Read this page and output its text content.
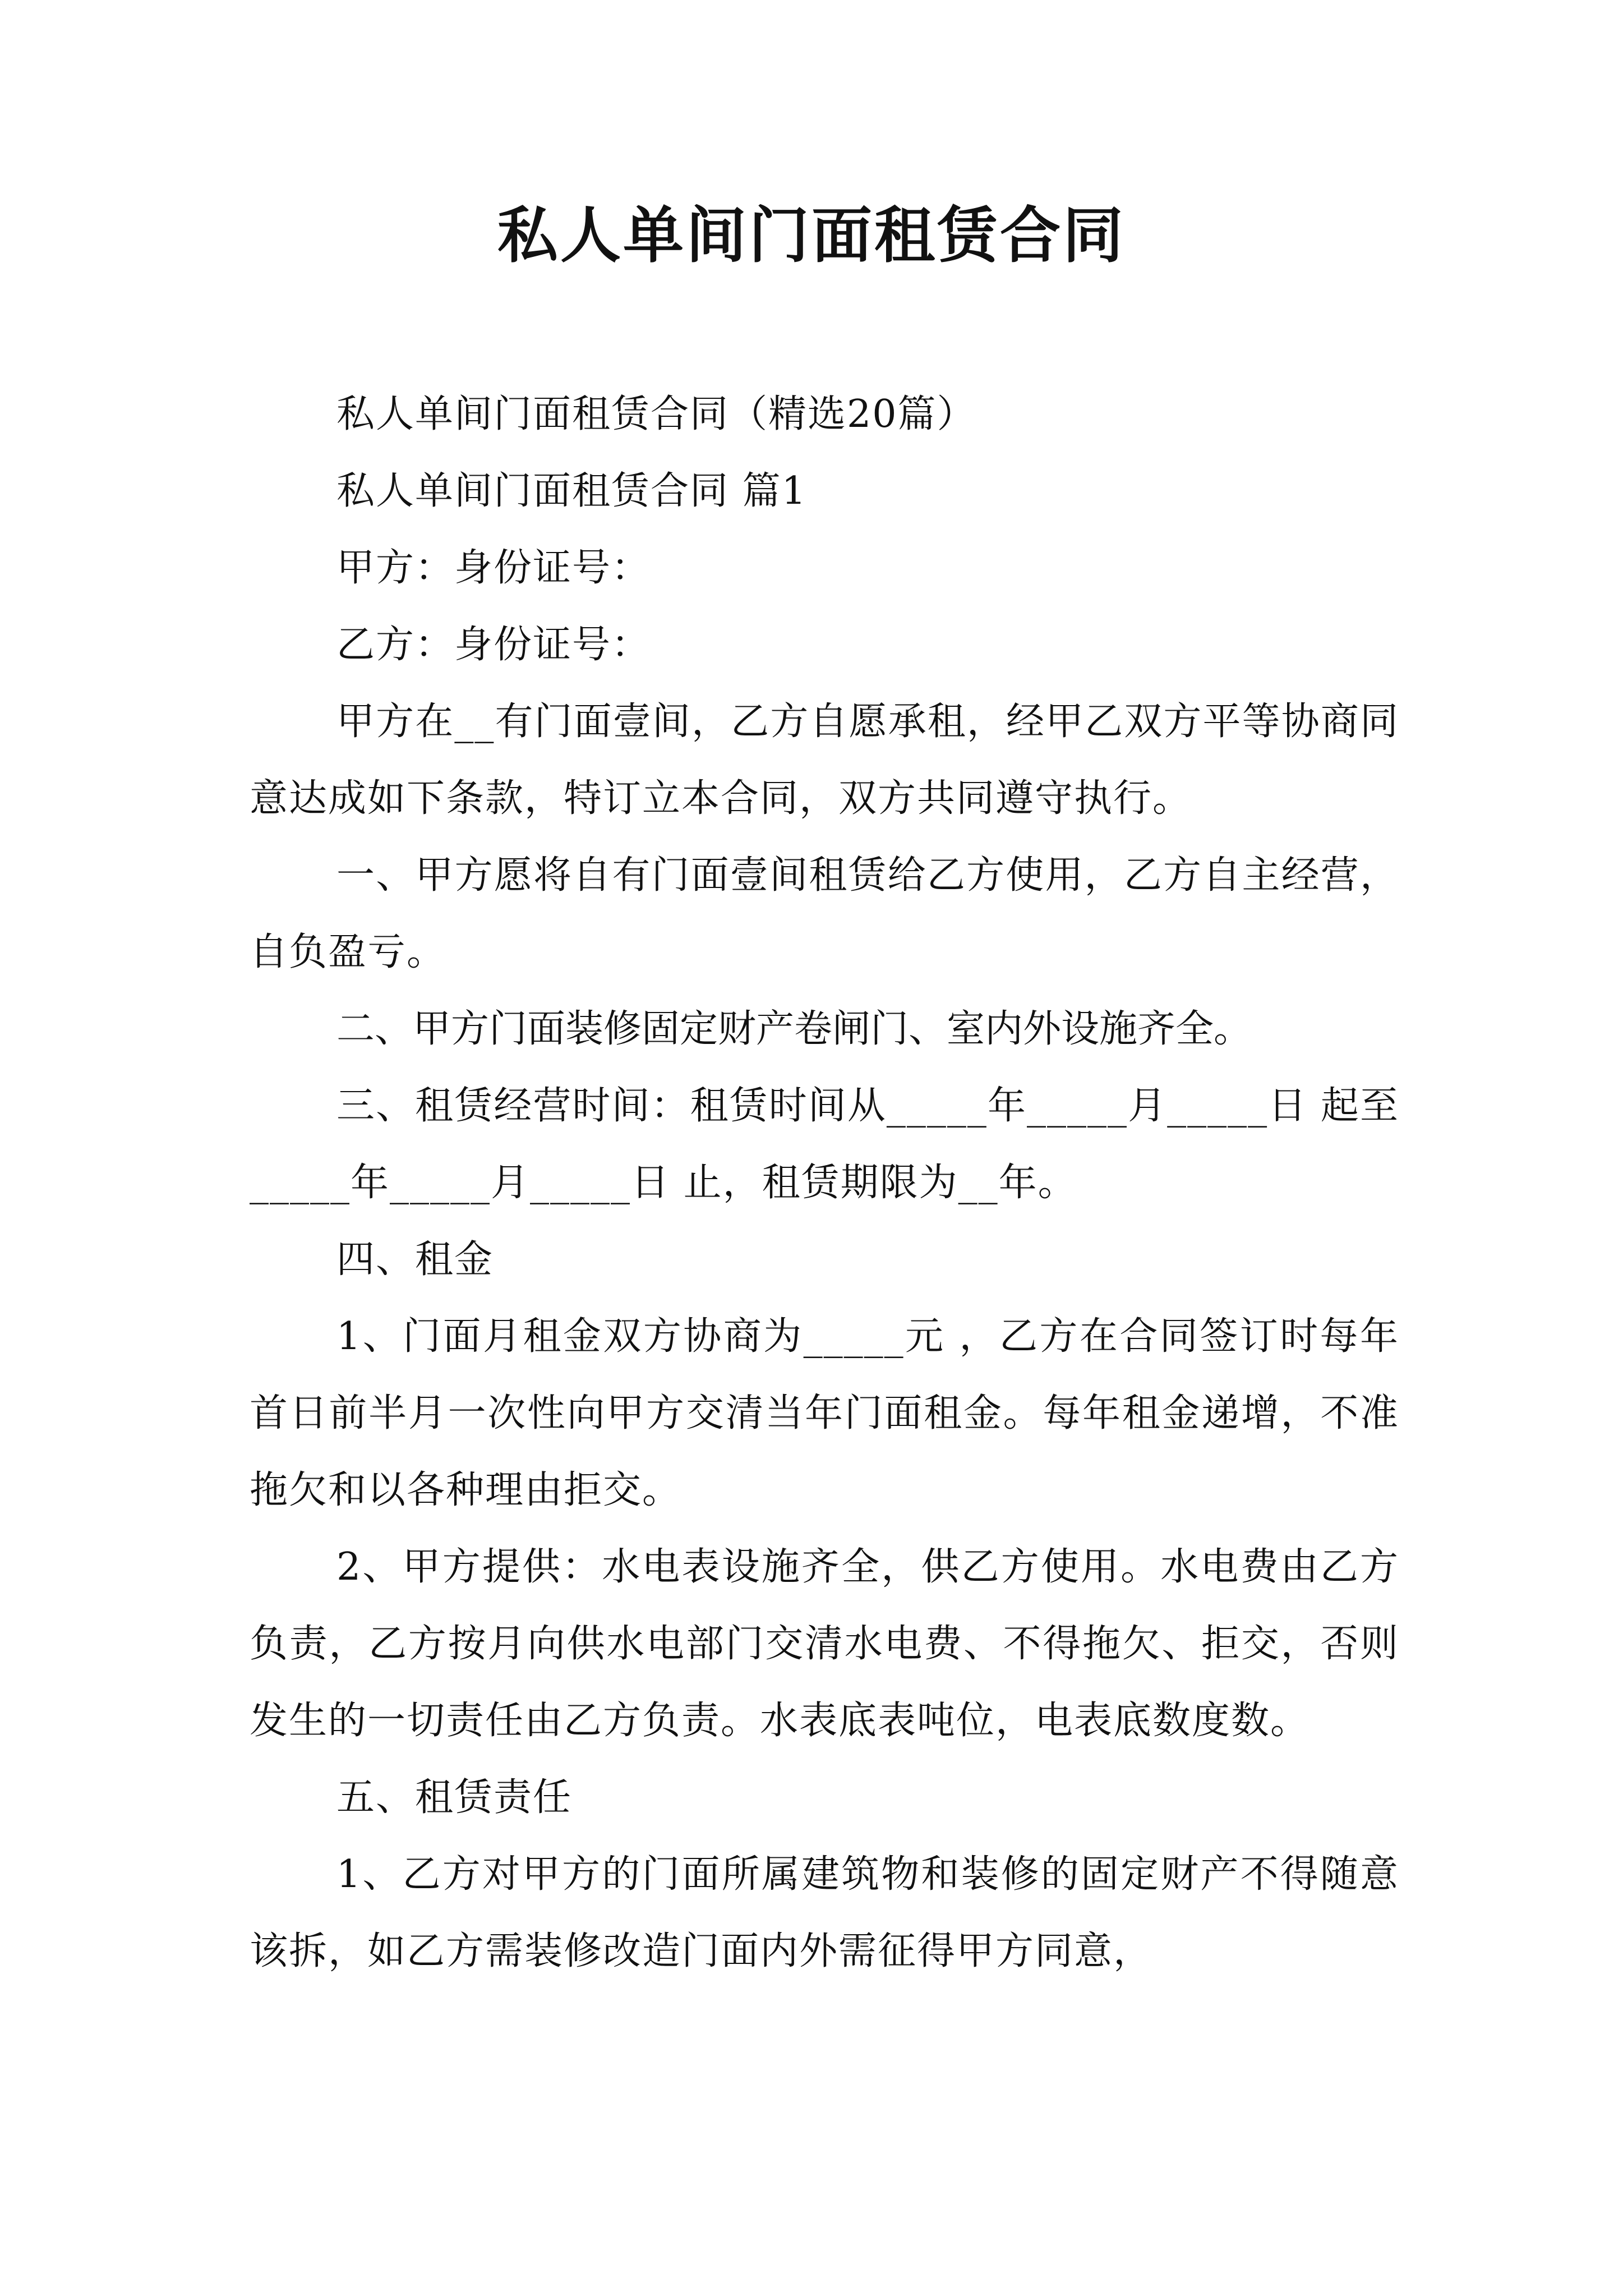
私人单间门面租赁合同

私人单间门面租赁合同（精选20篇）

私人单间门面租赁合同 篇1

甲方：身份证号：

乙方：身份证号：

甲方在__有门面壹间，乙方自愿承租，经甲乙双方平等协商同意达成如下条款，特订立本合同，双方共同遵守执行。

一、甲方愿将自有门面壹间租赁给乙方使用，乙方自主经营，自负盈亏。

二、甲方门面装修固定财产卷闸门、室内外设施齐全。

三、租赁经营时间：租赁时间从_____年_____月_____日 起至_____年_____月_____日 止，租赁期限为__年。

四、租金

1、门面月租金双方协商为_____元 ，乙方在合同签订时每年首日前半月一次性向甲方交清当年门面租金。每年租金递增，不准拖欠和以各种理由拒交。

2、甲方提供：水电表设施齐全，供乙方使用。水电费由乙方负责，乙方按月向供水电部门交清水电费、不得拖欠、拒交，否则发生的一切责任由乙方负责。水表底表吨位，电表底数度数。

五、租赁责任

1、乙方对甲方的门面所属建筑物和装修的固定财产不得随意该拆，如乙方需装修改造门面内外需征得甲方同意，
